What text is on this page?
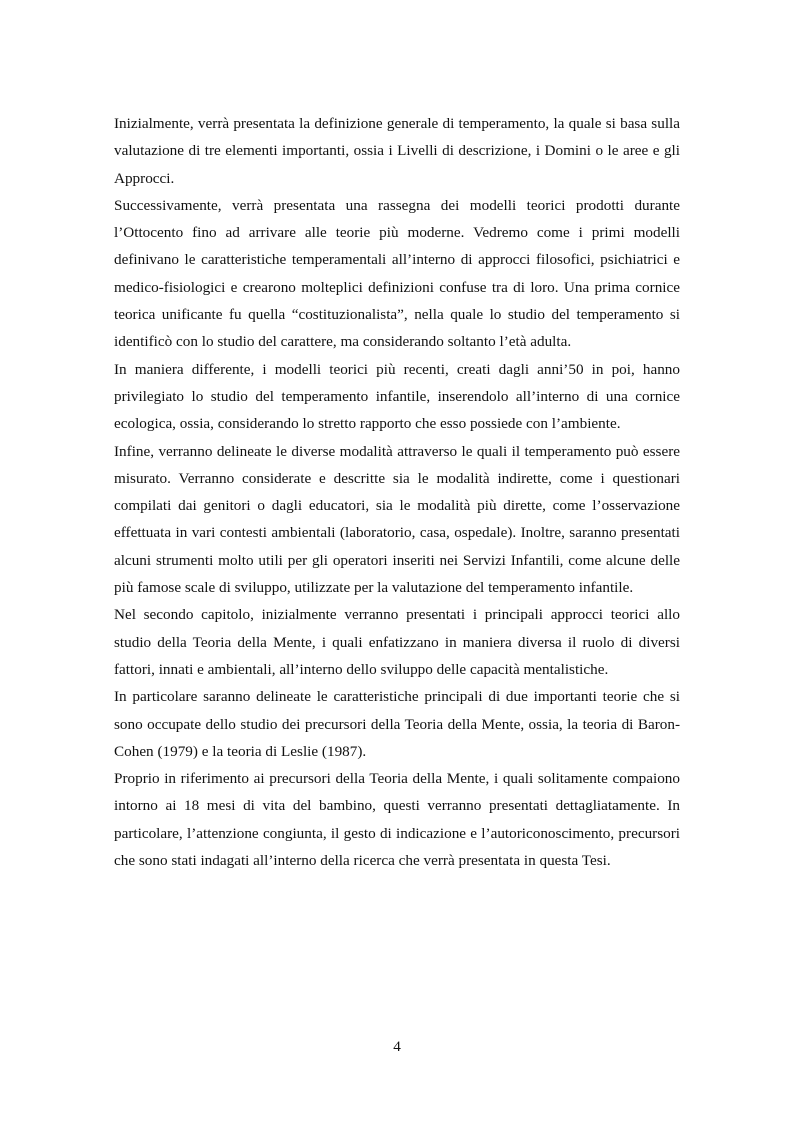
Inizialmente, verrà presentata la definizione generale di temperamento, la quale si basa sulla valutazione di tre elementi importanti, ossia i Livelli di descrizione, i Domini o le aree e gli Approcci.

Successivamente, verrà presentata una rassegna dei modelli teorici prodotti durante l’Ottocento fino ad arrivare alle teorie più moderne. Vedremo come i primi modelli definivano le caratteristiche temperamentali all’interno di approcci filosofici, psichiatrici e medico-fisiologici e crearono molteplici definizioni confuse tra di loro. Una prima cornice teorica unificante fu quella “costituzionalista”, nella quale lo studio del temperamento si identificò con lo studio del carattere, ma considerando soltanto l’età adulta.

In maniera differente, i modelli teorici più recenti, creati dagli anni’50 in poi, hanno privilegiato lo studio del temperamento infantile, inserendolo all’interno di una cornice ecologica, ossia, considerando lo stretto rapporto che esso possiede con l’ambiente.

Infine, verranno delineate le diverse modalità attraverso le quali il temperamento può essere misurato. Verranno considerate e descritte sia le modalità indirette, come i questionari compilati dai genitori o dagli educatori, sia le modalità più dirette, come l’osservazione effettuata in vari contesti ambientali (laboratorio, casa, ospedale). Inoltre, saranno presentati alcuni strumenti molto utili per gli operatori inseriti nei Servizi Infantili, come alcune delle più famose scale di sviluppo, utilizzate per la valutazione del temperamento infantile.

Nel secondo capitolo, inizialmente verranno presentati i principali approcci teorici allo studio della Teoria della Mente, i quali enfatizzano in maniera diversa il ruolo di diversi fattori, innati e ambientali, all’interno dello sviluppo delle capacità mentalistiche.

In particolare saranno delineate le caratteristiche principali di due importanti teorie che si sono occupate dello studio dei precursori della Teoria della Mente, ossia, la teoria di Baron-Cohen (1979) e la teoria di Leslie (1987).

Proprio in riferimento ai precursori della Teoria della Mente, i quali solitamente compaiono intorno ai 18 mesi di vita del bambino, questi verranno presentati dettagliatamente. In particolare, l’attenzione congiunta, il gesto di indicazione e l’autoriconoscimento, precursori che sono stati indagati all’interno della ricerca che verrà presentata in questa Tesi.

4
